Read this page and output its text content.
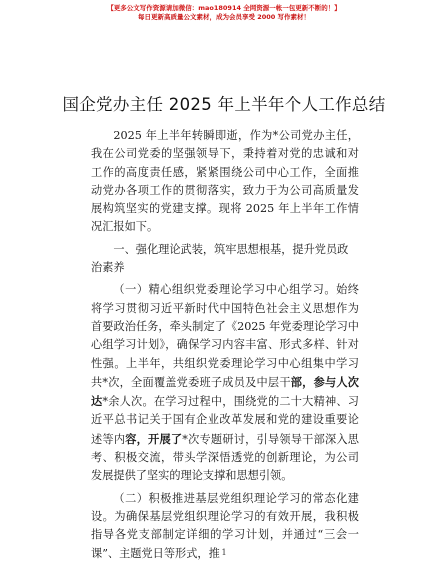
【更多公文写作资源请加微信：mao180914 全网资源一帐一包更新不断的！】
每日更新高质量公文素材，成为会员享受 2000 写作素材！
国企党办主任 2025 年上半年个人工作总结

2025 年上半年转瞬即逝，作为*公司党办主任，我在公司党委的坚强领导下，秉持着对党的忠诚和对工作的高度责任感，紧紧围绕公司中心工作，全面推动党办各项工作的贯彻落实，致力于为公司高质量发展构筑坚实的党建支撑。现将 2025 年上半年工作情况汇报如下。

一、强化理论武装，筑牢思想根基，提升党员政治素养

（一）精心组织党委理论学习中心组学习。始终将学习贯彻习近平新时代中国特色社会主义思想作为首要政治任务，牵头制定了《2025 年党委理论学习中心组学习计划》，确保学习内容丰富、形式多样、针对性强。上半年，共组织党委理论学习中心组集中学习共*次，全面覆盖党委班子成员及中层干部，参与人次达*余人次。在学习过程中，围绕党的二十大精神、习近平总书记关于国有企业改革发展和党的建设重要论述等内容，开展了*次专题研讨，引导领导干部深入思考、积极交流，带头学深悟透党的创新理论，为公司发展提供了坚实的理论支撑和思想引领。

（二）积极推进基层党组织理论学习的常态化建设。为确保基层党组织理论学习的有效开展，我积极指导各党支部制定详细的学习计划，并通过“三会一课”、主题党日等形式，推 1
